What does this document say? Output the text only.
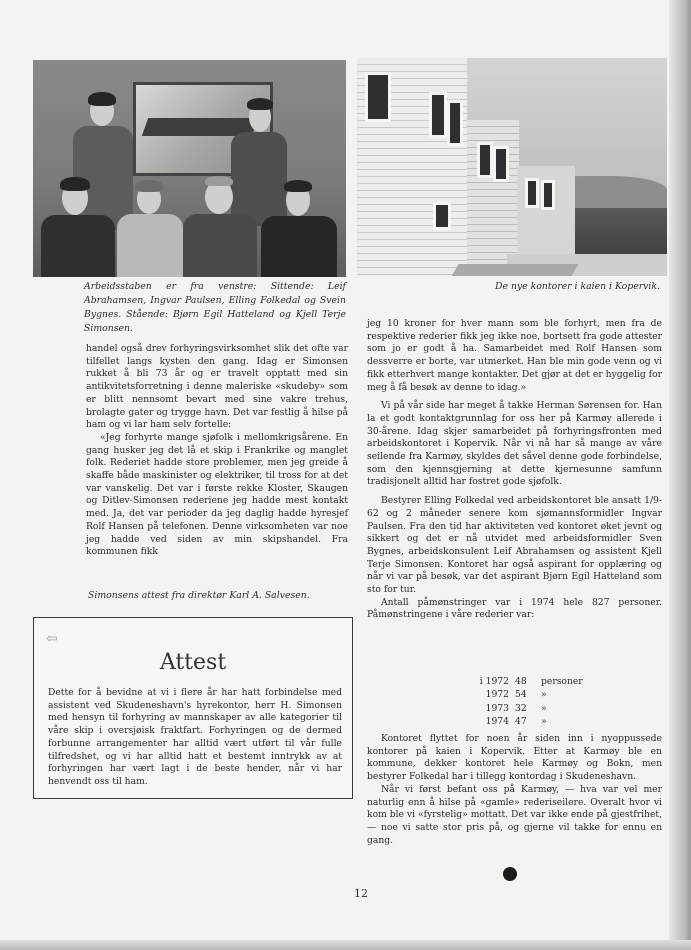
Arbeidsstaben er fra venstre: Sittende: Leif Abrahamsen, Ingvar Paulsen, Elling Folkedal og Svein Bygnes. Stående: Bjørn Egil Hatteland og Kjell Terje Simonsen.
De nye kontorer i kaien i Kopervik.

handel også drev forhyringsvirksomhet slik det ofte var tilfellet langs kysten den gang. Idag er Simonsen rukket å bli 73 år og er travelt opptatt med sin antikvitetsforretning i denne maleriske «skudeby» som er blitt nennsomt bevart med sine vakre trehus, brolagte gater og trygge havn. Det var festlig å hilse på ham og vi lar ham selv fortelle:

«Jeg forhyrte mange sjøfolk i mellomkrigsårene. En gang husker jeg det lå et skip i Frankrike og manglet folk. Rederiet hadde store problemer, men jeg greide å skaffe både maskinister og elektriker, til tross for at det var vanskelig. Det var i første rekke Kloster, Skaugen og Ditlev-Simonsen rederiene jeg hadde mest kontakt med. Ja, det var perioder da jeg daglig hadde hyresjef Rolf Hansen på telefonen. Denne virksomheten var noe jeg hadde ved siden av min skipshandel. Fra kommunen fikk

Simonsens attest fra direktør Karl A. Salvesen.
⇦
Attest
Dette for å bevidne at vi i flere år har hatt forbindelse med assistent ved Skudeneshavn's hyrekontor, herr H. Simonsen med hensyn til forhyring av mannskaper av alle kategorier til våre skip i oversjøisk fraktfart. Forhyringen og de dermed forbunne arrangementer har alltid vært utført til vår fulle tilfredshet, og vi har alltid hatt et bestemt inntrykk av at forhyringen har vært lagt i de beste hender, når vi har henvendt oss til ham.

jeg 10 kroner for hver mann som ble forhyrt, men fra de respektive rederier fikk jeg ikke noe, bortsett fra gode attester som jo er godt å ha. Samarbeidet med Rolf Hansen som dessverre er borte, var utmerket. Han ble min gode venn og vi fikk etterhvert mange kontakter. Det gjør at det er hyggelig for meg å få besøk av denne to idag.»

Vi på vår side har meget å takke Herman Sørensen for. Han la et godt kontaktgrunnlag for oss her på Karmøy allerede i 30-årene. Idag skjer samarbeidet på forhyringsfronten med arbeidskontoret i Kopervik. Når vi nå har så mange av våre seilende fra Karmøy, skyldes det såvel denne gode forbindelse, som den kjennsgjerning at dette kjernesunne samfunn tradisjonelt alltid har fostret gode sjøfolk.

Bestyrer Elling Folkedal ved arbeidskontoret ble ansatt 1/9-62 og 2 måneder senere kom sjømannsformidler Ingvar Paulsen. Fra den tid har aktiviteten ved kontoret øket jevnt og sikkert og det er nå utvidet med arbeidsformidler Sven Bygnes, arbeidskonsulent Leif Abrahamsen og assistent Kjell Terje Simonsen. Kontoret har også aspirant for opplæring og når vi var på besøk, var det aspirant Bjørn Egil Hatteland som sto for tur.

Antall påmønstringer var i 1974 hele 827 personer. Påmønstringene i våre rederier var:

i 1972 48	personer
1972 54	»
1973 32	»
1974 47	»

Kontoret flyttet for noen år siden inn i nyoppussede kontorer på kaien i Kopervik. Etter at Karmøy ble en kommune, dekker kontoret hele Karmøy og Bokn, men bestyrer Folkedal har i tillegg kontordag i Skudeneshavn.

Når vi først befant oss på Karmøy, — hva var vel mer naturlig enn å hilse på «gamle» rederiseilere. Overalt hvor vi kom ble vi «fyrstelig» mottatt. Det var ikke ende på gjestfrihet, — noe vi satte stor pris på, og gjerne vil takke for ennu en gang.

12
